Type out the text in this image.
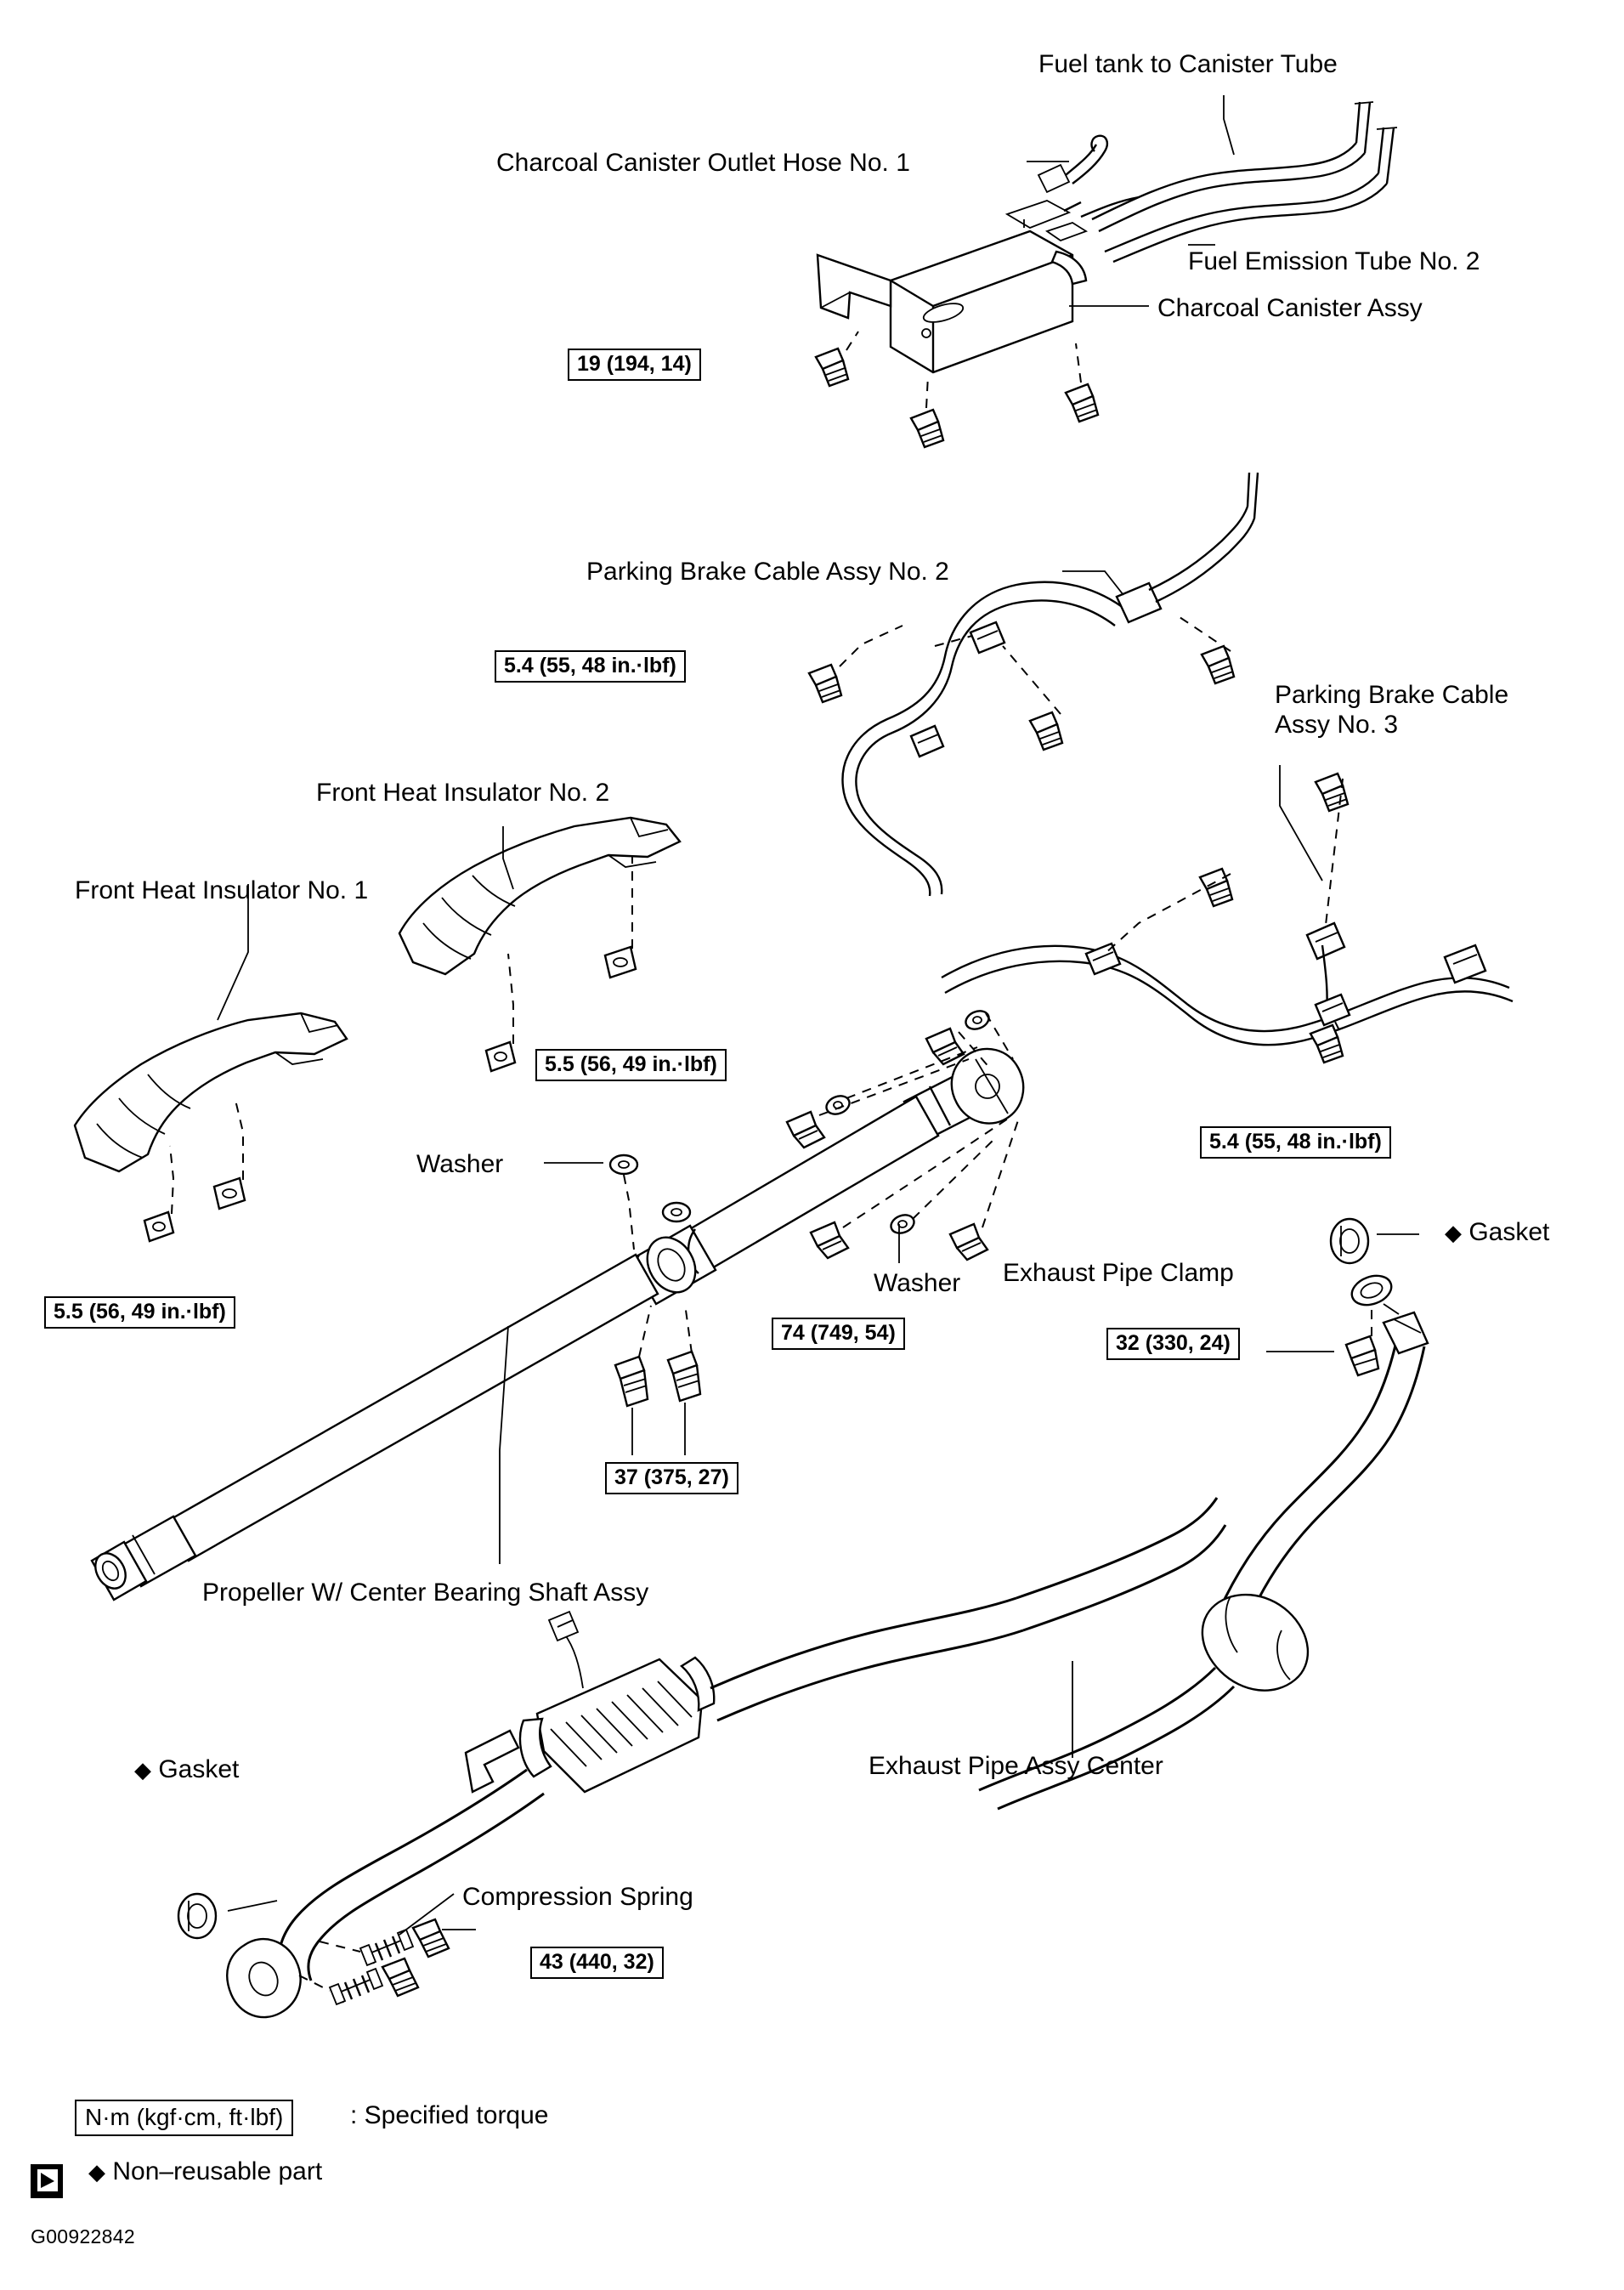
Fuel tank to Canister Tube
Charcoal Canister Outlet Hose No. 1
Fuel Emission Tube No. 2
Charcoal Canister Assy
Parking Brake Cable Assy No. 2
Parking Brake Cable
Assy No. 3
Front Heat Insulator No. 2
Front Heat Insulator No. 1
Washer
Washer Exhaust Pipe Clamp
◆ Gasket
Propeller W/ Center Bearing Shaft Assy
Exhaust Pipe Assy Center
◆ Gasket
Compression Spring
19 (194, 14)
5.4 (55, 48 in.·lbf)
5.4 (55, 48 in.·lbf)
5.5 (56, 49 in.·lbf)
5.5 (56, 49 in.·lbf)
74 (749, 54)
37 (375, 27)
32 (330, 24)
43 (440, 32)
N·m (kgf·cm, ft·lbf)	: Specified torque
◆ Non–reusable part
G00922842
